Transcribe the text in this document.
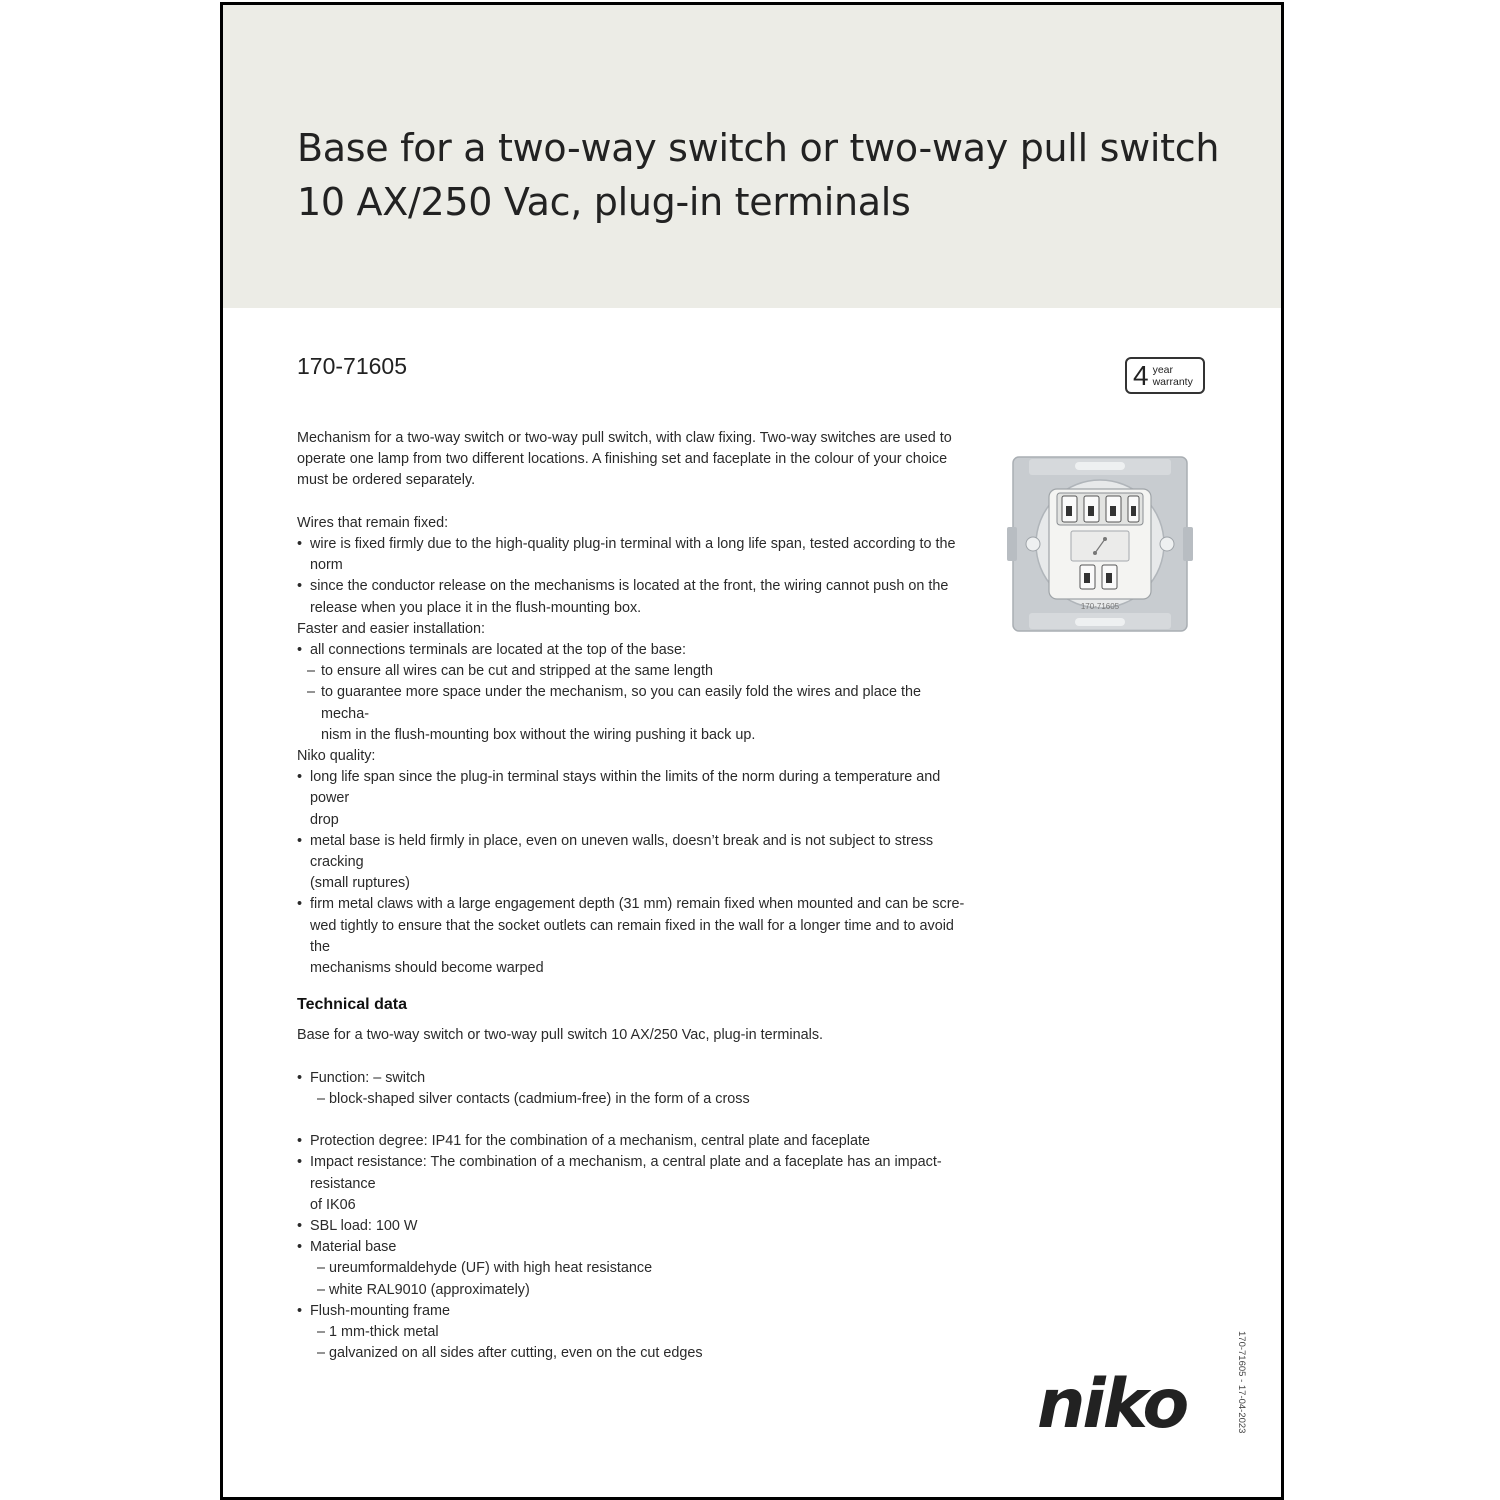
Base for a two-way switch or two-way pull switch
10 AX/250 Vac, plug-in terminals
170-71605	4 year
warranty
170-71605

Mechanism for a two-way switch or two-way pull switch, with claw fixing. Two-way switches are used to

operate one lamp from two different locations. A finishing set and faceplate in the colour of your choice

must be ordered separately.

Wires that remain fixed:

• wire is fixed firmly due to the high-quality plug-in terminal with a long life span, tested according to the

norm

• since the conductor release on the mechanisms is located at the front, the wiring cannot push on the

release when you place it in the flush-mounting box.

Faster and easier installation:

• all connections terminals are located at the top of the base:

– to ensure all wires can be cut and stripped at the same length

– to guarantee more space under the mechanism, so you can easily fold the wires and place the mecha-

nism in the flush-mounting box without the wiring pushing it back up.

Niko quality:

• long life span since the plug-in terminal stays within the limits of the norm during a temperature and power

drop

• metal base is held firmly in place, even on uneven walls, doesn’t break and is not subject to stress cracking

(small ruptures)

• firm metal claws with a large engagement depth (31 mm) remain fixed when mounted and can be scre-

wed tightly to ensure that the socket outlets can remain fixed in the wall for a longer time and to avoid the

mechanisms should become warped

Technical data

Base for a two-way switch or two-way pull switch 10 AX/250 Vac, plug-in terminals.

• Function: – switch

– block-shaped silver contacts (cadmium-free) in the form of a cross

• Protection degree: IP41 for the combination of a mechanism, central plate and faceplate

• Impact resistance: The combination of a mechanism, a central plate and a faceplate has an impact-resistance

of IK06

• SBL load: 100 W

• Material base

– ureumformaldehyde (UF) with high heat resistance

– white RAL9010 (approximately)

• Flush-mounting frame

– 1 mm-thick metal

– galvanized on all sides after cutting, even on the cut edges

niko	170-71605 - 17-04-2023
